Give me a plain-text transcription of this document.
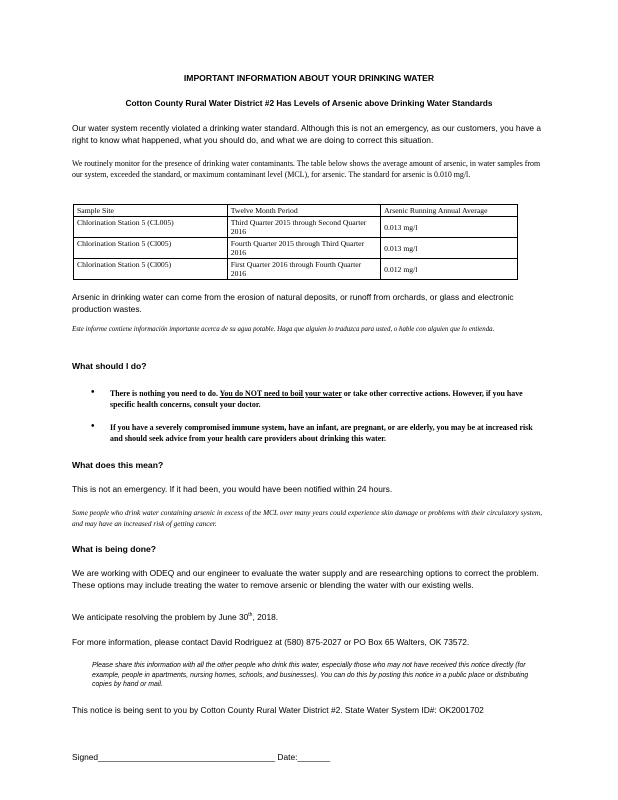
IMPORTANT INFORMATION ABOUT YOUR DRINKING WATER
Cotton County Rural Water District #2 Has Levels of Arsenic above Drinking Water Standards
Our water system recently violated a drinking water standard. Although this is not an emergency, as our customers, you have a right to know what happened, what you should do, and what we are doing to correct this situation.
We routinely monitor for the presence of drinking water contaminants. The table below shows the average amount of arsenic, in water samples from our system, exceeded the standard, or maximum contaminant level (MCL), for arsenic. The standard for arsenic is 0.010 mg/l.
Sample Site	Twelve Month Period	Arsenic Running Annual Average
Chlorination Station 5 (CL005)	Third Quarter 2015 through Second Quarter 2016	0.013 mg/l
Chlorination Station 5 (Cl005)	Fourth Quarter 2015 through Third Quarter 2016	0.013 mg/l
Chlorination Station 5 (Cl005)	First Quarter 2016 through Fourth Quarter 2016	0.012 mg/l
Arsenic in drinking water can come from the erosion of natural deposits, or runoff from orchards, or glass and electronic production wastes.
Este informe contiene información importante acerca de su agua potable. Haga que alguien lo traduzca para usted, o hable con alguien que lo entienda.
What should I do?
• There is nothing you need to do. You do NOT need to boil your water or take other corrective actions. However, if you have specific health concerns, consult your doctor.
• If you have a severely compromised immune system, have an infant, are pregnant, or are elderly, you may be at increased risk and should seek advice from your health care providers about drinking this water.
What does this mean?
This is not an emergency. If it had been, you would have been notified within 24 hours.
Some people who drink water containing arsenic in excess of the MCL over many years could experience skin damage or problems with their circulatory system, and may have an increased risk of getting cancer.
What is being done?
We are working with ODEQ and our engineer to evaluate the water supply and are researching options to correct the problem. These options may include treating the water to remove arsenic or blending the water with our existing wells.
We anticipate resolving the problem by June 30th, 2018.
For more information, please contact David Rodriguez at (580) 875-2027 or PO Box 65 Walters, OK 73572.
Please share this information with all the other people who drink this water, especially those who may not have received this notice directly (for example, people in apartments, nursing homes, schools, and businesses). You can do this by posting this notice in a public place or distributing copies by hand or mail.
This notice is being sent to you by Cotton County Rural Water District #2. State Water System ID#: OK2001702
Signed______________________________________ Date:_______
